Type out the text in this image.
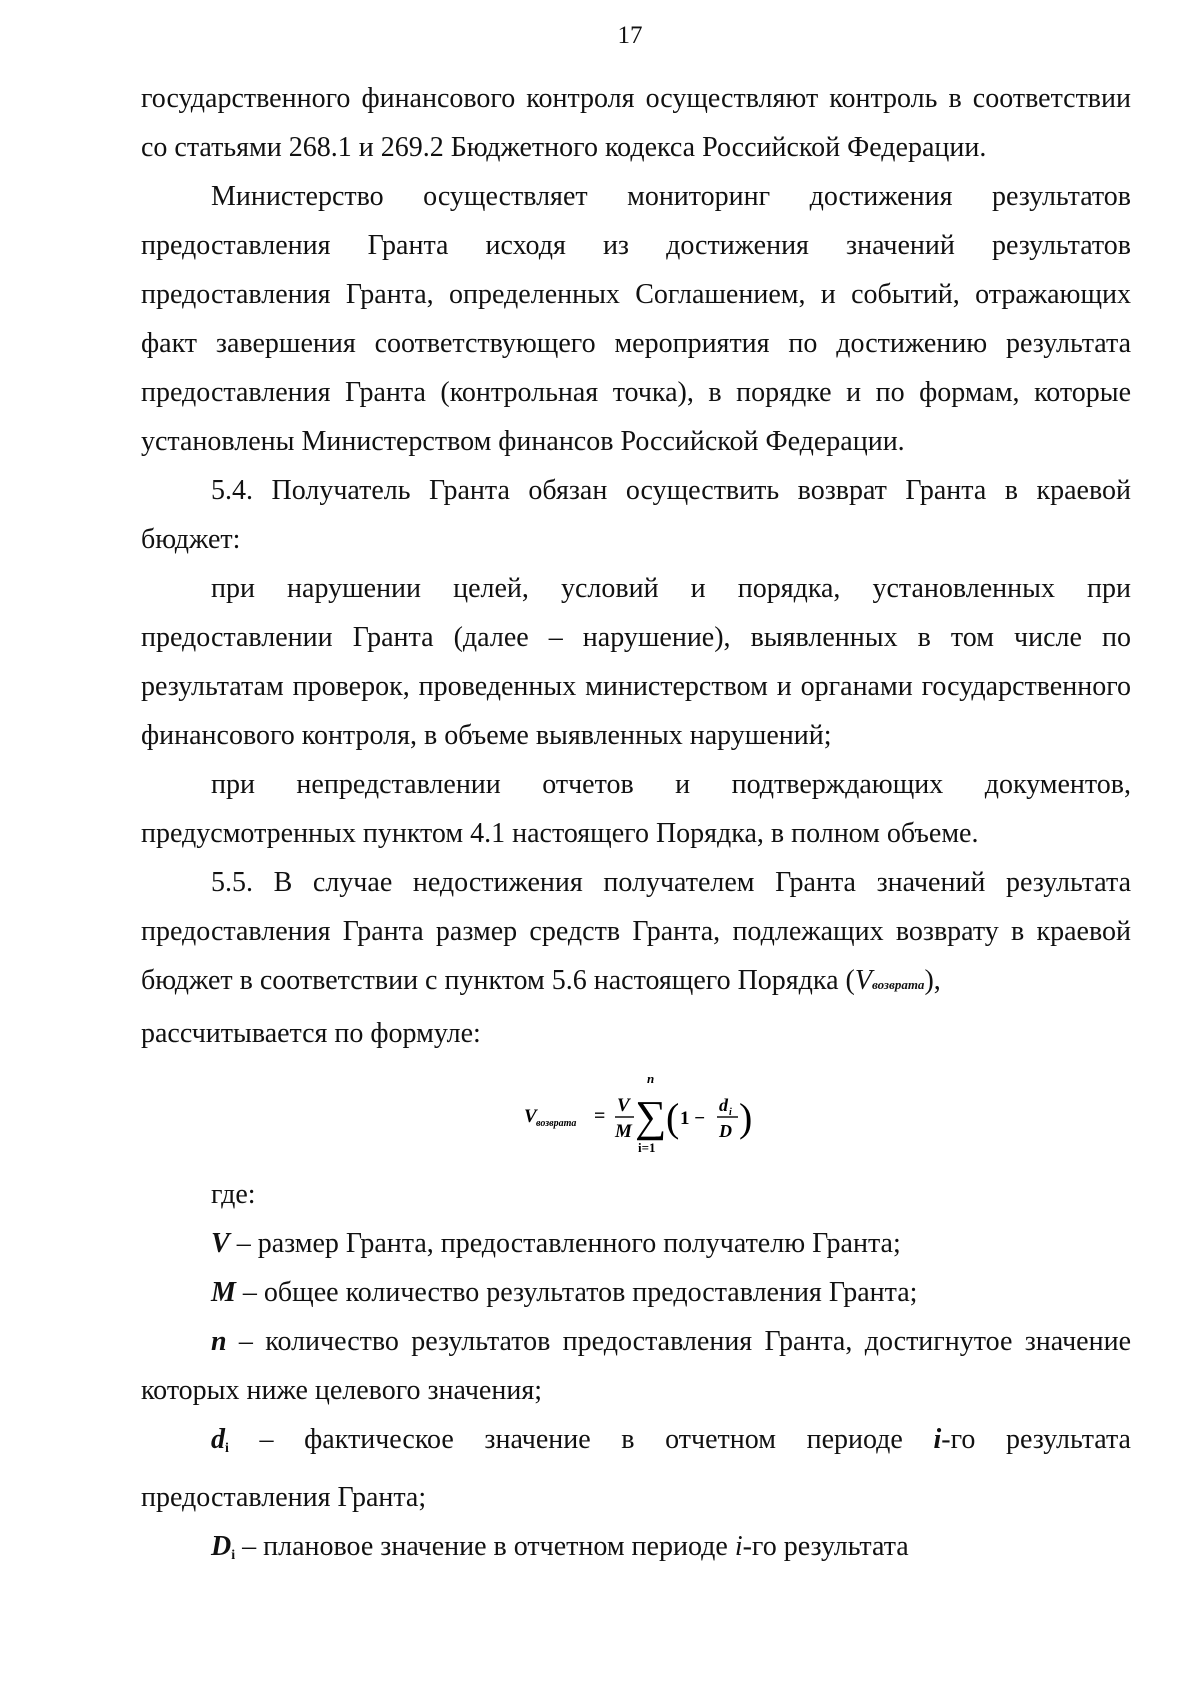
17

государственного финансового контроля осуществляют контроль в соответствии со статьями 268.1 и 269.2 Бюджетного кодекса Российской Федерации.

Министерство осуществляет мониторинг достижения результатов предоставления Гранта исходя из достижения значений результатов предоставления Гранта, определенных Соглашением, и событий, отражающих факт завершения соответствующего мероприятия по достижению результата предоставления Гранта (контрольная точка), в порядке и по формам, которые установлены Министерством финансов Российской Федерации.

5.4. Получатель Гранта обязан осуществить возврат Гранта в краевой бюджет:

при нарушении целей, условий и порядка, установленных при предоставлении Гранта (далее – нарушение), выявленных в том числе по результатам проверок, проведенных министерством и органами государственного финансового контроля, в объеме выявленных нарушений;

при непредставлении отчетов и подтверждающих документов, предусмотренных пунктом 4.1 настоящего Порядка, в полном объеме.

5.5. В случае недостижения получателем Гранта значений результата предоставления Гранта размер средств Гранта, подлежащих возврату в краевой бюджет в соответствии с пунктом 5.6 настоящего Порядка (Vвозврата),

рассчитывается по формуле:

V возврата = V
M
n
∑
i=1
( 1 −
d i
D )

где:

V – размер Гранта, предоставленного получателю Гранта;

M – общее количество результатов предоставления Гранта;

n – количество результатов предоставления Гранта, достигнутое значение которых ниже целевого значения;

$d_i$ – фактическое значение в отчетном периоде i-го результата предоставления Гранта;

$D_i$ – плановое значение в отчетном периоде i-го результата
